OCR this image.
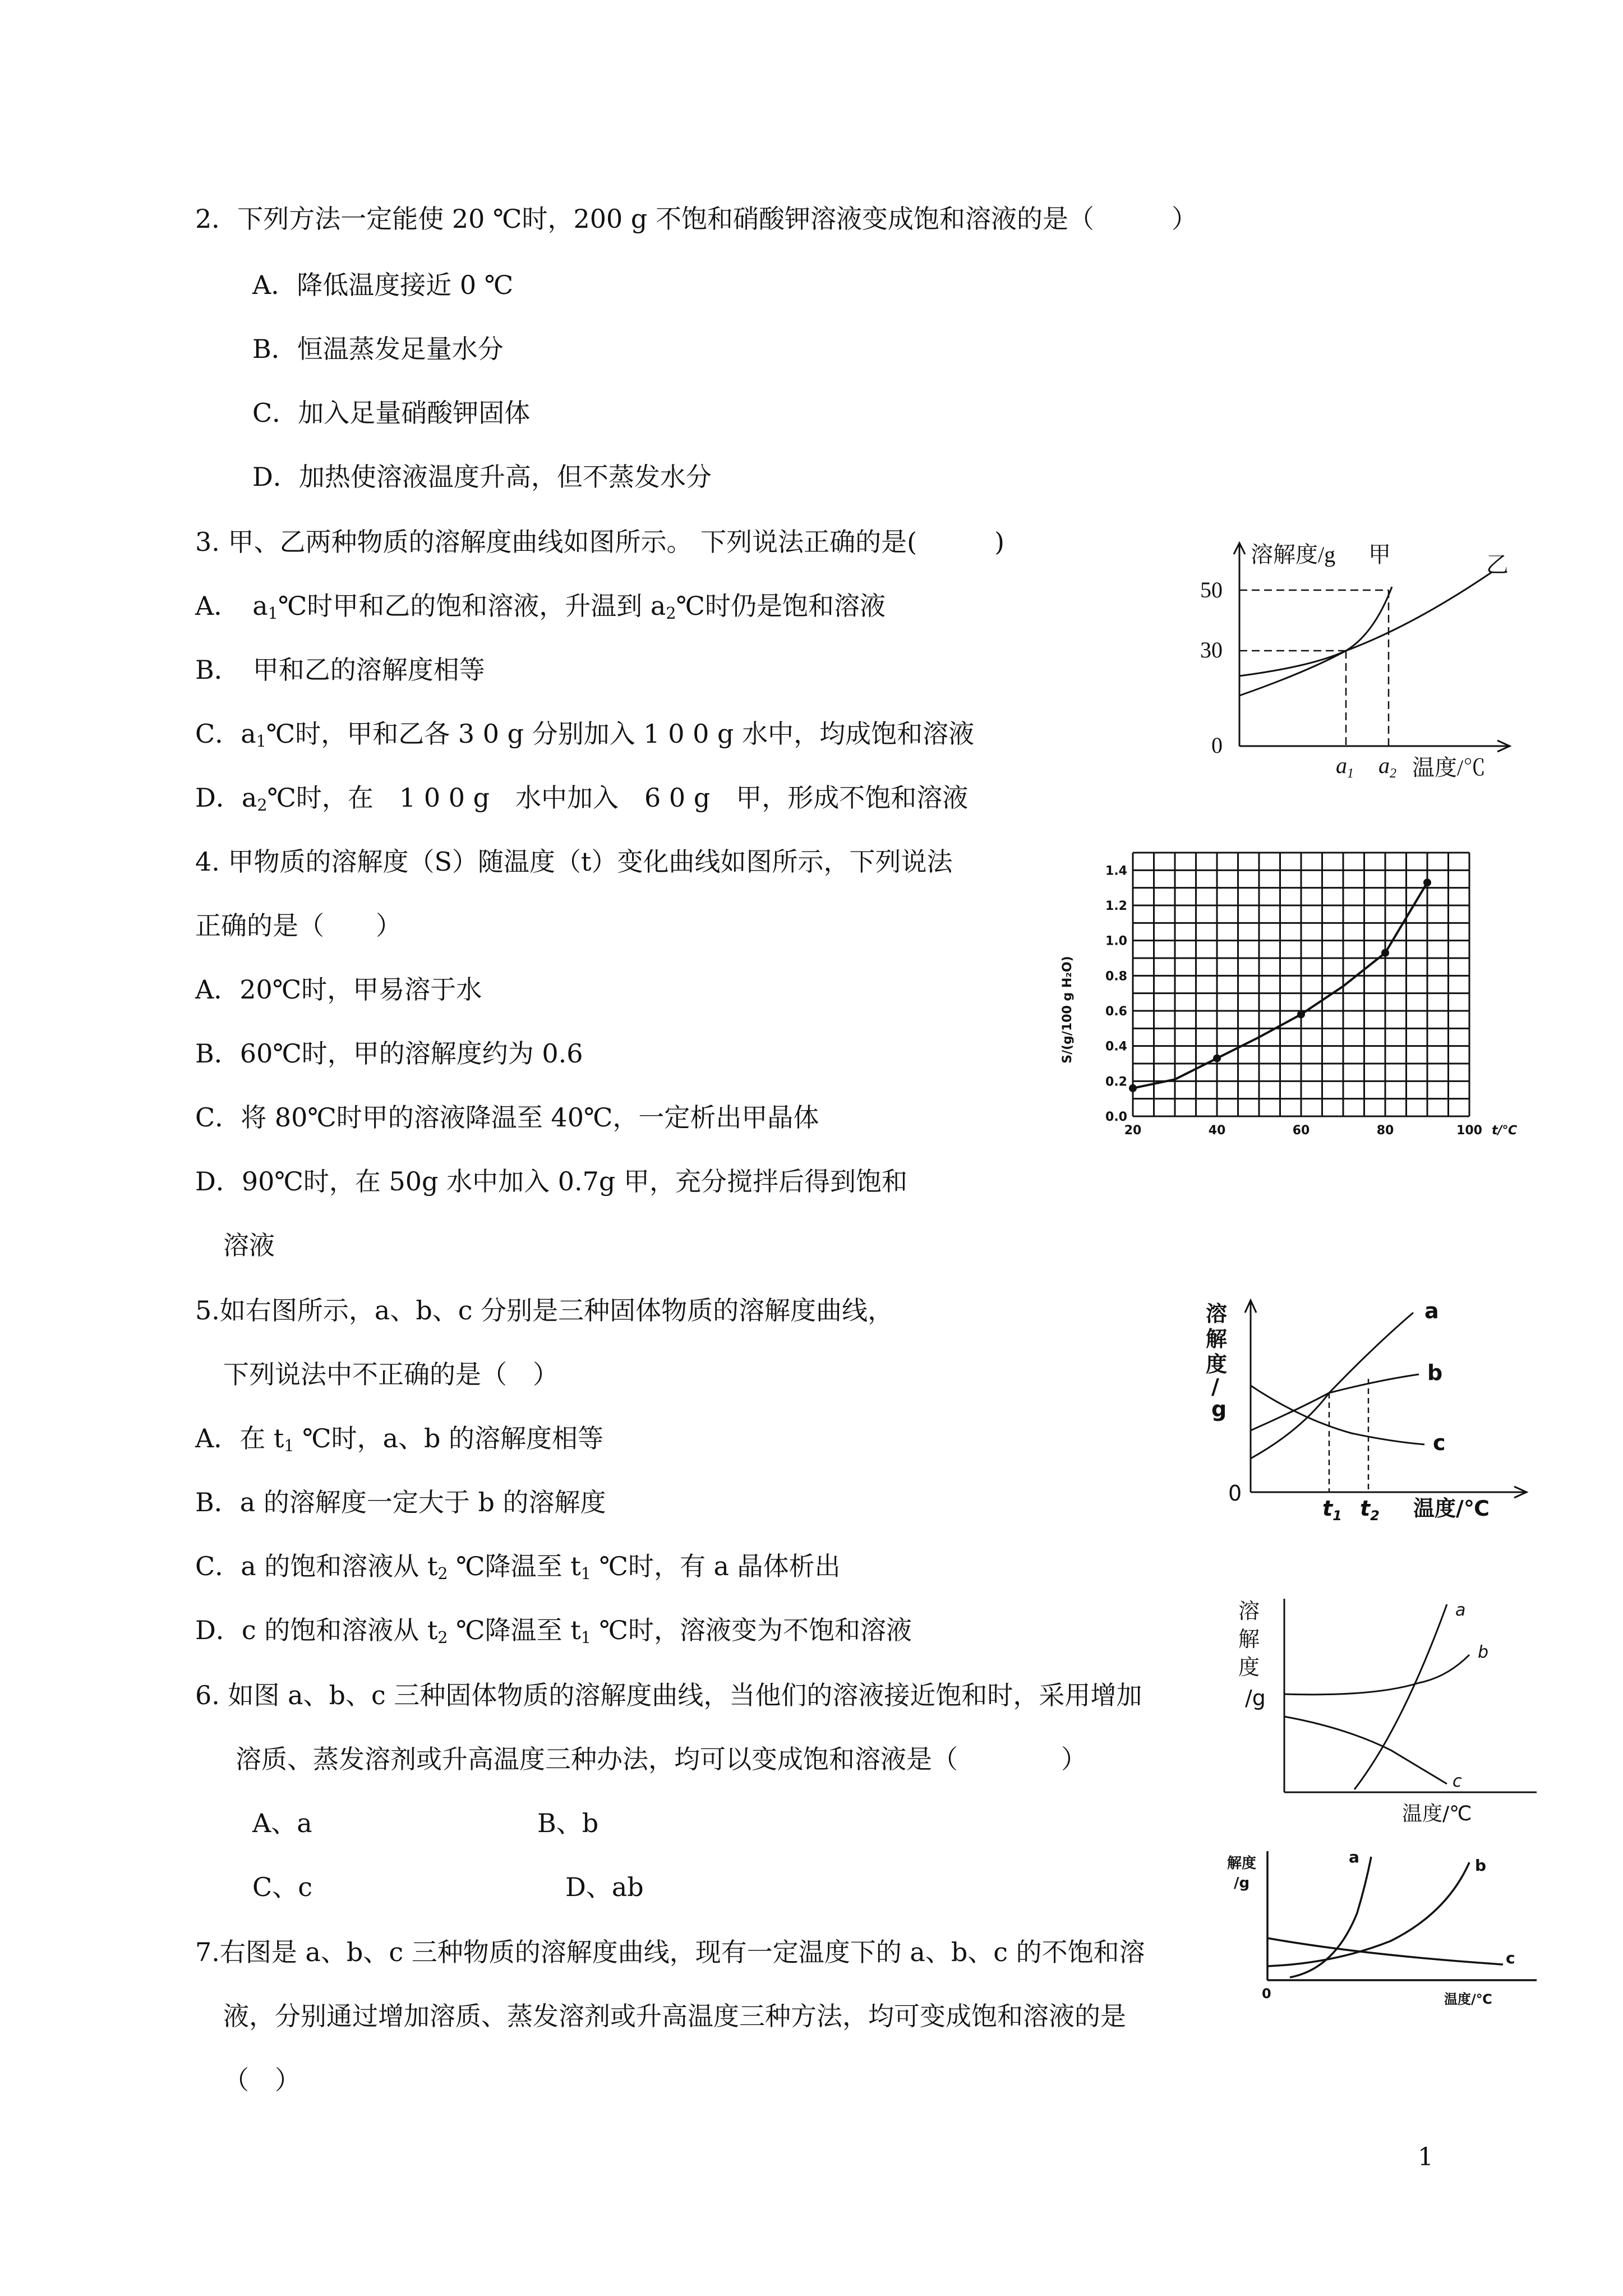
2．下列方法一定能使 20 ℃时，200 g 不饱和硝酸钾溶液变成饱和溶液的是（　　　）
A．降低温度接近 0 ℃
B．恒温蒸发足量水分
C．加入足量硝酸钾固体
D．加热使溶液温度升高，但不蒸发水分
3. 甲、乙两种物质的溶解度曲线如图所示。 下列说法正确的是(　　　)
A．　$a_1℃$时甲和乙的饱和溶液，升温到 $a_2℃$时仍是饱和溶液
B．　甲和乙的溶解度相等
C．$a_1℃$时，甲和乙各 3 0 g 分别加入 1 0 0 g 水中，均成饱和溶液
D．$a_2℃$时，在　1 0 0 g　水中加入　6 0 g　甲，形成不饱和溶液
溶解度/g 甲	乙
50
30
0
$a_1$ $a_2$ 温度/℃
4. 甲物质的溶解度（S）随温度（t）变化曲线如图所示，下列说法
正确的是（　　）
A．20℃时，甲易溶于水
B．60℃时，甲的溶解度约为 0.6
C．将 80℃时甲的溶液降温至 40℃，一定析出甲晶体
D．90℃时，在 50g 水中加入 0.7g 甲，充分搅拌后得到饱和
溶液
0.0
0.2
0.4
0.6
0.8
1.0
1.2
1.4
20	40	60	80	100 t/℃
S/(g/100 g H₂O)
5.如右图所示，a、b、c 分别是三种固体物质的溶解度曲线，
下列说法中不正确的是（　）
A．在 $t_1$ ℃时，a、b 的溶解度相等
B．a 的溶解度一定大于 b 的溶解度
C．a 的饱和溶液从 $t_2$ ℃降温至 $t_1$ ℃时，有 a 晶体析出
D．c 的饱和溶液从 $t_2$ ℃降温至 $t_1$ ℃时，溶液变为不饱和溶液
溶
解
度
/
g
a
b
c
0
$t_1$ $t_2$ 温度/℃
6. 如图 a、b、c 三种固体物质的溶解度曲线，当他们的溶液接近饱和时，采用增加
溶质、蒸发溶剂或升高温度三种办法，均可以变成饱和溶液是（　　　　）
A、a	B、b
C、c	D、ab
溶
解
度
/g
a
b
c
温度/℃
7.右图是 a、b、c 三种物质的溶解度曲线，现有一定温度下的 a、b、c 的不饱和溶
液，分别通过增加溶质、蒸发溶剂或升高温度三种方法，均可变成饱和溶液的是
（　）
解度
/g
a	b
c
0	温度/℃
1
